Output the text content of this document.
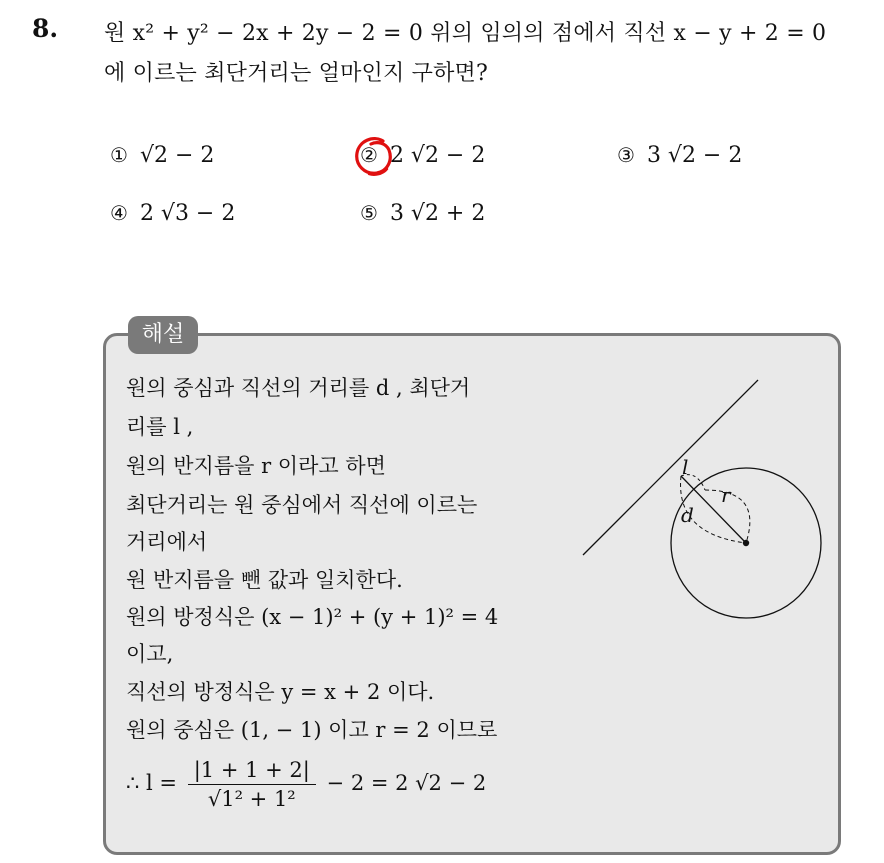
8. 원 x² + y² − 2x + 2y − 2 = 0 위의 임의의 점에서 직선 x − y + 2 = 0
에 이르는 최단거리는 얼마인지 구하면?
① √2 − 2	② 2 √2 − 2	③ 3 √2 − 2
④ 2 √3 − 2	⑤ 3 √2 + 2
해설
원의 중심과 직선의 거리를 d , 최단거
리를 l ,
원의 반지름을 r 이라고 하면
최단거리는 원 중심에서 직선에 이르는
거리에서
원 반지름을 뺀 값과 일치한다.
원의 방정식은 (x − 1)² + (y + 1)² = 4
이고,
직선의 방정식은 y = x + 2 이다.
원의 중심은 (1, − 1) 이고 r = 2 이므로
∴ $l = \frac{|1 + 1 + 2|}{\text{√1² + 1²}} - 2 = 2$ √2 − 2
l
r
d
